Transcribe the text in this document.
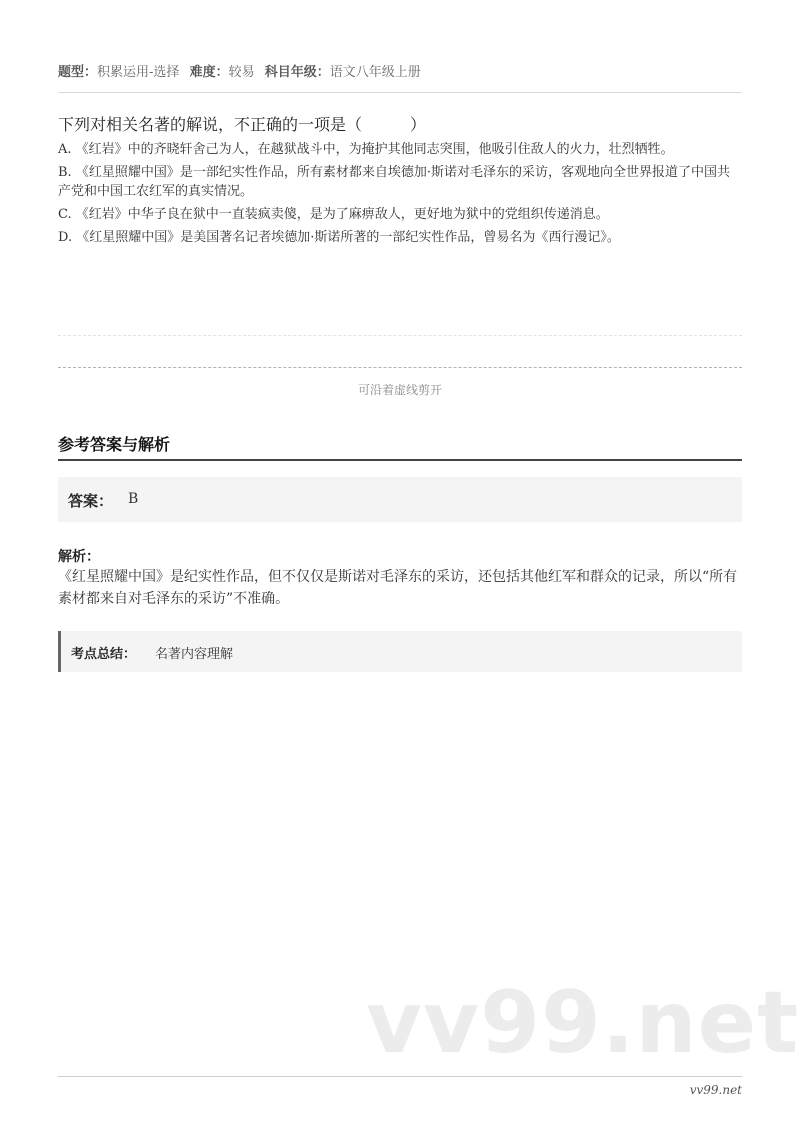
题型：积累运用-选择 难度：较易 科目年级：语文八年级上册
下列对相关名著的解说，不正确的一项是（　　　）
A. 《红岩》中的齐晓轩舍己为人，在越狱战斗中，为掩护其他同志突围，他吸引住敌人的火力，壮烈牺牲。
B. 《红星照耀中国》是一部纪实性作品，所有素材都来自埃德加·斯诺对毛泽东的采访，客观地向全世界报道了中国共产党和中国工农红军的真实情况。
C. 《红岩》中华子良在狱中一直装疯卖傻，是为了麻痹敌人，更好地为狱中的党组织传递消息。
D. 《红星照耀中国》是美国著名记者埃德加·斯诺所著的一部纪实性作品，曾易名为《西行漫记》。
可沿着虚线剪开
参考答案与解析
答案： B
解析：
《红星照耀中国》是纪实性作品，但不仅仅是斯诺对毛泽东的采访，还包括其他红军和群众的记录，所以“所有素材都来自对毛泽东的采访”不准确。
考点总结： 名著内容理解
vv99.net
vv99.net
